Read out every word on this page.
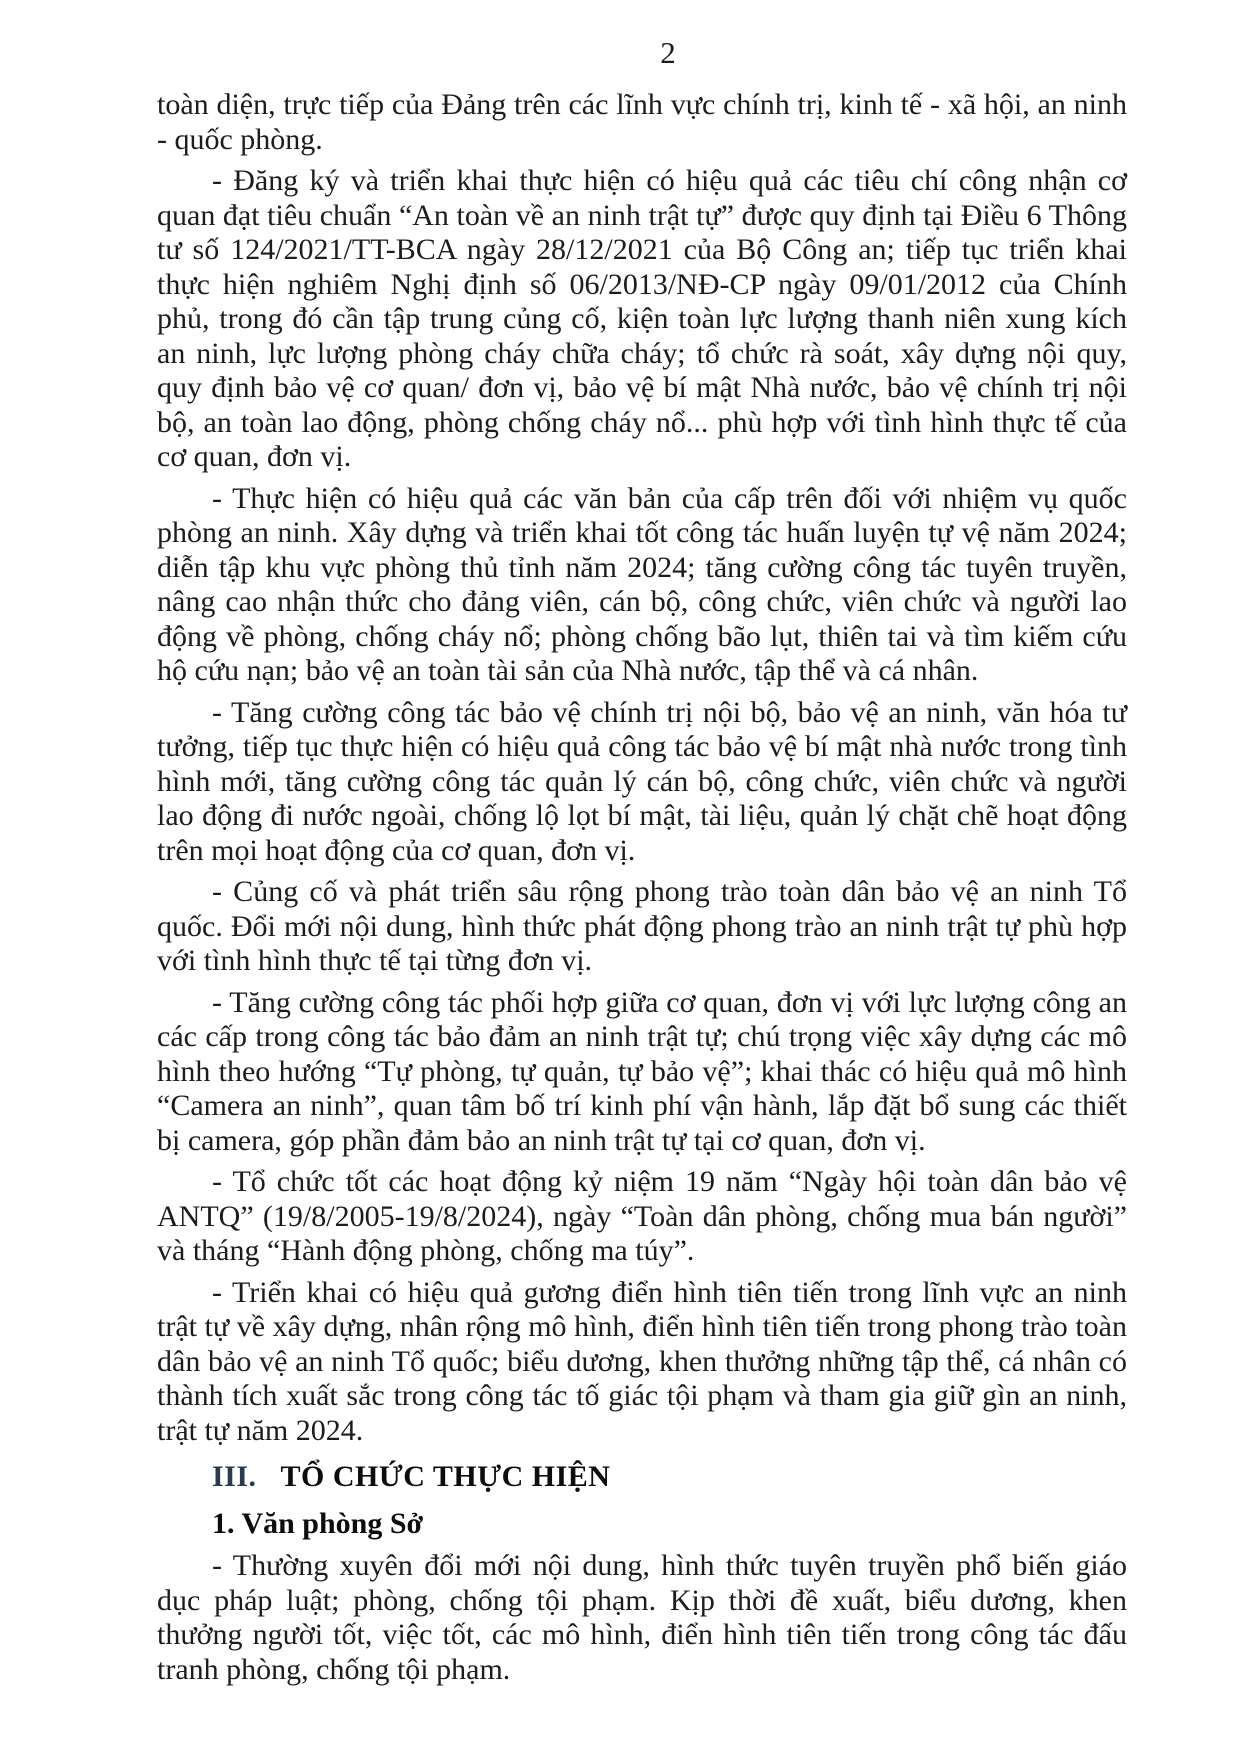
2

toàn diện, trực tiếp của Đảng trên các lĩnh vực chính trị, kinh tế - xã hội, an ninh - quốc phòng.

- Đăng ký và triển khai thực hiện có hiệu quả các tiêu chí công nhận cơ quan đạt tiêu chuẩn “An toàn về an ninh trật tự” được quy định tại Điều 6 Thông tư số 124/2021/TT-BCA ngày 28/12/2021 của Bộ Công an; tiếp tục triển khai thực hiện nghiêm Nghị định số 06/2013/NĐ-CP ngày 09/01/2012 của Chính phủ, trong đó cần tập trung củng cố, kiện toàn lực lượng thanh niên xung kích an ninh, lực lượng phòng cháy chữa cháy; tổ chức rà soát, xây dựng nội quy, quy định bảo vệ cơ quan/ đơn vị, bảo vệ bí mật Nhà nước, bảo vệ chính trị nội bộ, an toàn lao động, phòng chống cháy nổ... phù hợp với tình hình thực tế của cơ quan, đơn vị.

- Thực hiện có hiệu quả các văn bản của cấp trên đối với nhiệm vụ quốc phòng an ninh. Xây dựng và triển khai tốt công tác huấn luyện tự vệ năm 2024; diễn tập khu vực phòng thủ tỉnh năm 2024; tăng cường công tác tuyên truyền, nâng cao nhận thức cho đảng viên, cán bộ, công chức, viên chức và người lao động về phòng, chống cháy nổ; phòng chống bão lụt, thiên tai và tìm kiếm cứu hộ cứu nạn; bảo vệ an toàn tài sản của Nhà nước, tập thể và cá nhân.

- Tăng cường công tác bảo vệ chính trị nội bộ, bảo vệ an ninh, văn hóa tư tưởng, tiếp tục thực hiện có hiệu quả công tác bảo vệ bí mật nhà nước trong tình hình mới, tăng cường công tác quản lý cán bộ, công chức, viên chức và người lao động đi nước ngoài, chống lộ lọt bí mật, tài liệu, quản lý chặt chẽ hoạt động trên mọi hoạt động của cơ quan, đơn vị.

- Củng cố và phát triển sâu rộng phong trào toàn dân bảo vệ an ninh Tổ quốc. Đổi mới nội dung, hình thức phát động phong trào an ninh trật tự phù hợp với tình hình thực tế tại từng đơn vị.

- Tăng cường công tác phối hợp giữa cơ quan, đơn vị với lực lượng công an các cấp trong công tác bảo đảm an ninh trật tự; chú trọng việc xây dựng các mô hình theo hướng “Tự phòng, tự quản, tự bảo vệ”; khai thác có hiệu quả mô hình “Camera an ninh”, quan tâm bố trí kinh phí vận hành, lắp đặt bổ sung các thiết bị camera, góp phần đảm bảo an ninh trật tự tại cơ quan, đơn vị.

- Tổ chức tốt các hoạt động kỷ niệm 19 năm “Ngày hội toàn dân bảo vệ ANTQ” (19/8/2005-19/8/2024), ngày “Toàn dân phòng, chống mua bán người” và tháng “Hành động phòng, chống ma túy”.

- Triển khai có hiệu quả gương điển hình tiên tiến trong lĩnh vực an ninh trật tự về xây dựng, nhân rộng mô hình, điển hình tiên tiến trong phong trào toàn dân bảo vệ an ninh Tổ quốc; biểu dương, khen thưởng những tập thể, cá nhân có thành tích xuất sắc trong công tác tố giác tội phạm và tham gia giữ gìn an ninh, trật tự năm 2024.

III. TỔ CHỨC THỰC HIỆN
1. Văn phòng Sở

- Thường xuyên đổi mới nội dung, hình thức tuyên truyền phổ biến giáo dục pháp luật; phòng, chống tội phạm. Kịp thời đề xuất, biểu dương, khen thưởng người tốt, việc tốt, các mô hình, điển hình tiên tiến trong công tác đấu tranh phòng, chống tội phạm.
